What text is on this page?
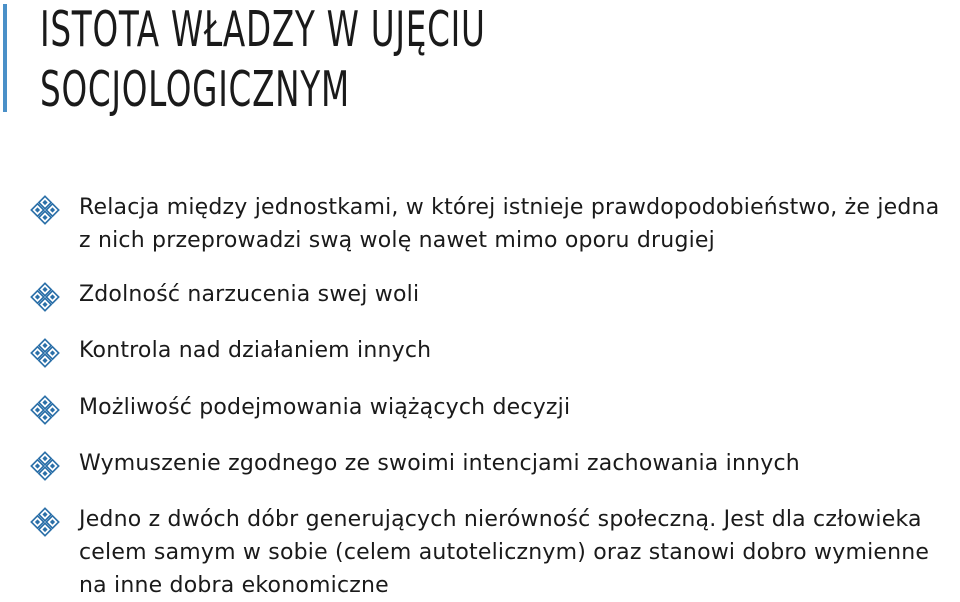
ISTOTA WŁADZY W UJĘCIU
SOCJOLOGICZNYM
Relacja między jednostkami, w której istnieje prawdopodobieństwo, że jedna z nich przeprowadzi swą wolę nawet mimo oporu drugiej
Zdolność narzucenia swej woli
Kontrola nad działaniem innych
Możliwość podejmowania wiążących decyzji
Wymuszenie zgodnego ze swoimi intencjami zachowania innych
Jedno z dwóch dóbr generujących nierówność społeczną. Jest dla człowieka celem samym w sobie (celem autotelicznym) oraz stanowi dobro wymienne na inne dobra ekonomiczne
